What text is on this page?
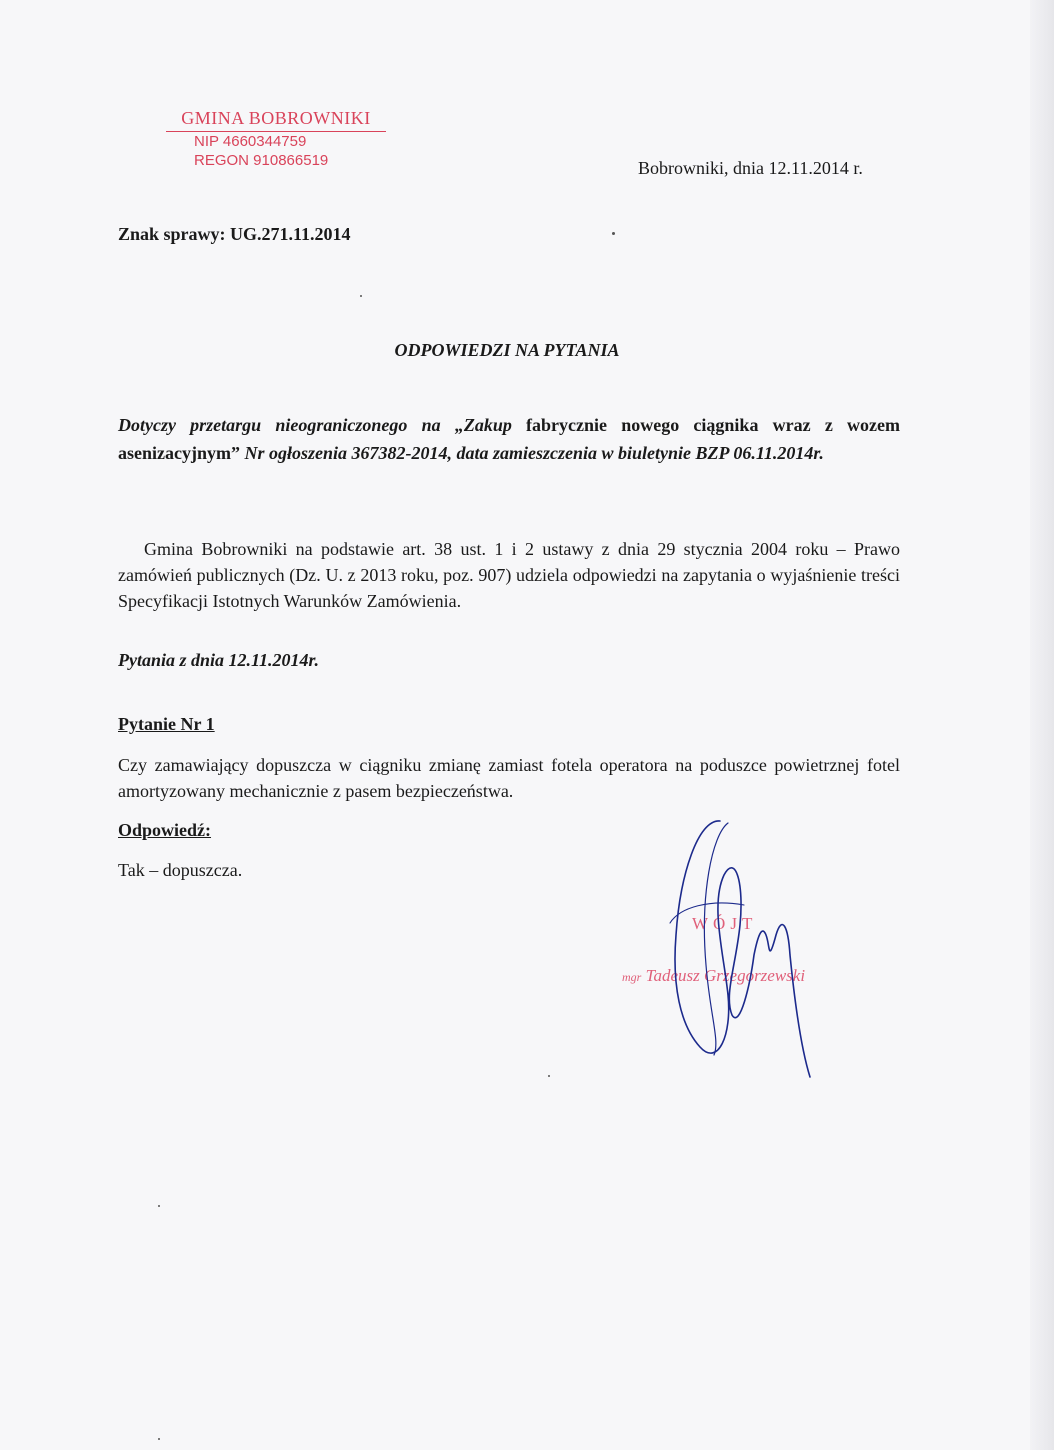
GMINA BOBROWNIKI
NIP 4660344759
REGON 910866519	Bobrowniki, dnia 12.11.2014 r.
Znak sprawy: UG.271.11.2014
ODPOWIEDZI NA PYTANIA
Dotyczy przetargu nieograniczonego na „Zakup fabrycznie nowego ciągnika wraz z wozem asenizacyjnym” Nr ogłoszenia 367382-2014, data zamieszczenia w biuletynie BZP 06.11.2014r.
Gmina Bobrowniki na podstawie art. 38 ust. 1 i 2 ustawy z dnia 29 stycznia 2004 roku – Prawo zamówień publicznych (Dz. U. z 2013 roku, poz. 907) udziela odpowiedzi na zapytania o wyjaśnienie treści Specyfikacji Istotnych Warunków Zamówienia.
Pytania z dnia 12.11.2014r.
Pytanie Nr 1
Czy zamawiający dopuszcza w ciągniku zmianę zamiast fotela operatora na poduszce powietrznej fotel amortyzowany mechanicznie z pasem bezpieczeństwa.
Odpowiedź:
Tak – dopuszcza.
WÓJT
mgr Tadeusz Grzegorzewski
